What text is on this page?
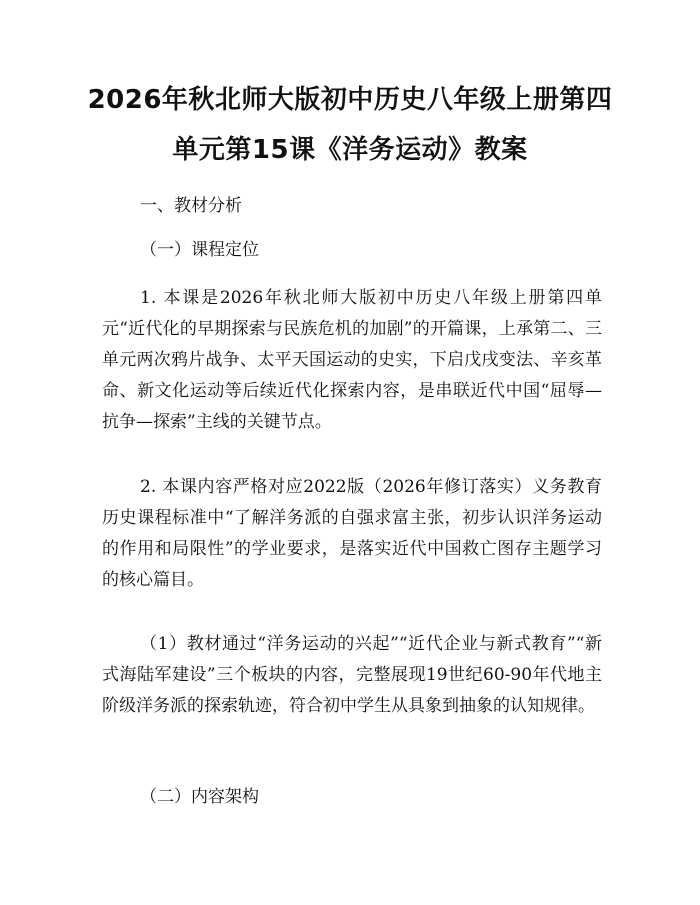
2026年秋北师大版初中历史八年级上册第四
单元第15课《洋务运动》教案

一、教材分析

（一）课程定位

1. 本课是2026年秋北师大版初中历史八年级上册第四单元“近代化的早期探索与民族危机的加剧”的开篇课，上承第二、三单元两次鸦片战争、太平天国运动的史实，下启戊戌变法、辛亥革命、新文化运动等后续近代化探索内容，是串联近代中国“屈辱—抗争—探索”主线的关键节点。

2. 本课内容严格对应2022版（2026年修订落实）义务教育历史课程标准中“了解洋务派的自强求富主张，初步认识洋务运动的作用和局限性”的学业要求，是落实近代中国救亡图存主题学习的核心篇目。

（1）教材通过“洋务运动的兴起”“近代企业与新式教育”“新式海陆军建设”三个板块的内容，完整展现19世纪60-90年代地主阶级洋务派的探索轨迹，符合初中学生从具象到抽象的认知规律。

（二）内容架构
